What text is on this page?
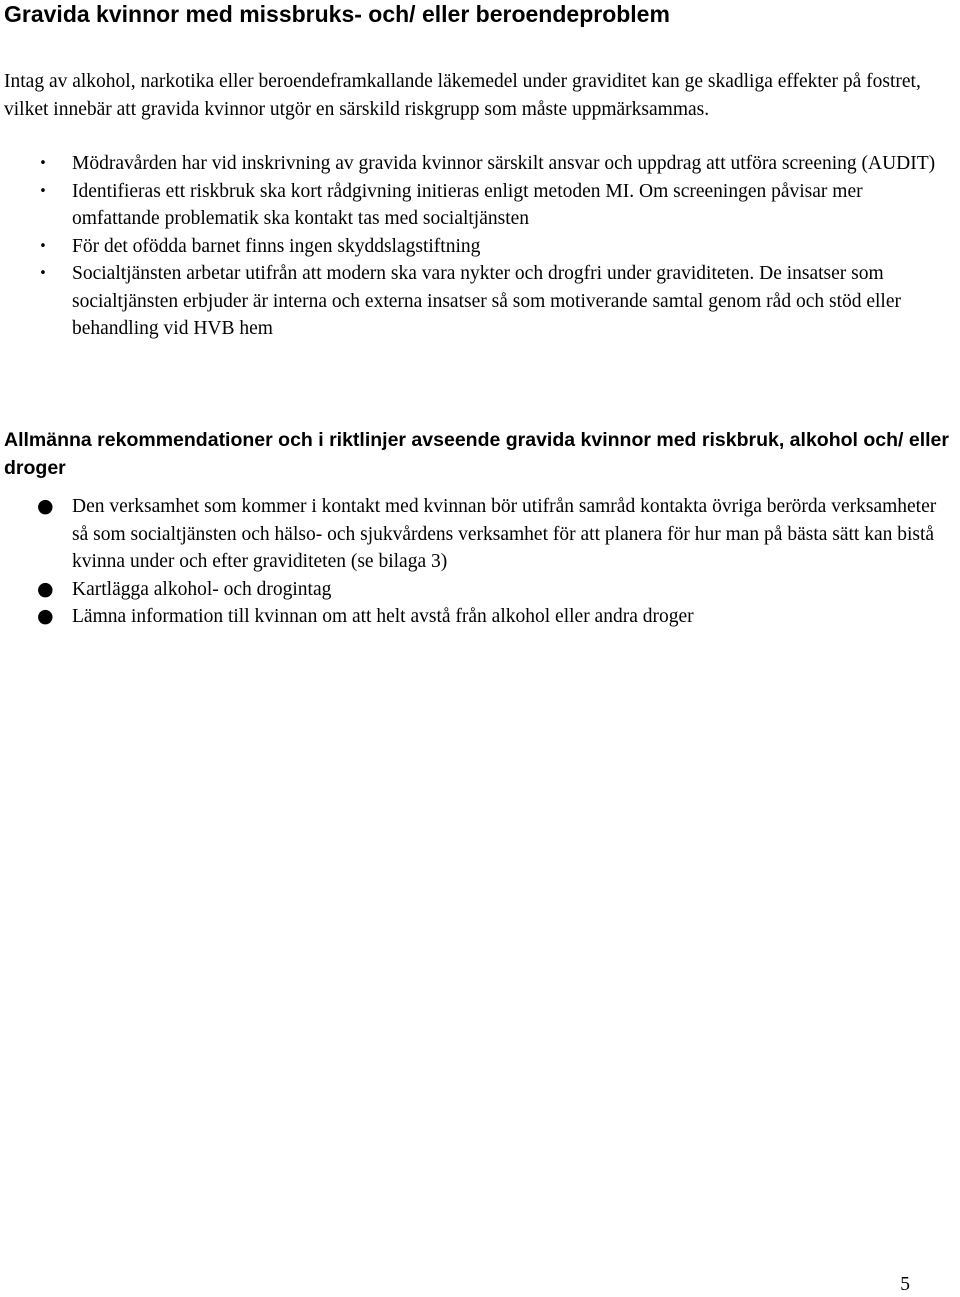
Gravida kvinnor med missbruks- och/ eller beroendeproblem

Intag av alkohol, narkotika eller beroendeframkallande läkemedel under graviditet kan ge skadliga effekter på fostret, vilket innebär att gravida kvinnor utgör en särskild riskgrupp som måste uppmärksammas.

• Mödravården har vid inskrivning av gravida kvinnor särskilt ansvar och uppdrag att utföra screening (AUDIT)
• Identifieras ett riskbruk ska kort rådgivning initieras enligt metoden MI. Om screeningen påvisar mer omfattande problematik ska kontakt tas med socialtjänsten
• För det ofödda barnet finns ingen skyddslagstiftning
• Socialtjänsten arbetar utifrån att modern ska vara nykter och drogfri under graviditeten. De insatser som socialtjänsten erbjuder är interna och externa insatser så som motiverande samtal genom råd och stöd eller behandling vid HVB hem
Allmänna rekommendationer och i riktlinjer avseende gravida kvinnor med riskbruk, alkohol och/ eller droger
● Den verksamhet som kommer i kontakt med kvinnan bör utifrån samråd kontakta övriga berörda verksamheter så som socialtjänsten och hälso- och sjukvårdens verksamhet för att planera för hur man på bästa sätt kan bistå kvinna under och efter graviditeten (se bilaga 3)
● Kartlägga alkohol- och drogintag
● Lämna information till kvinnan om att helt avstå från alkohol eller andra droger
5
